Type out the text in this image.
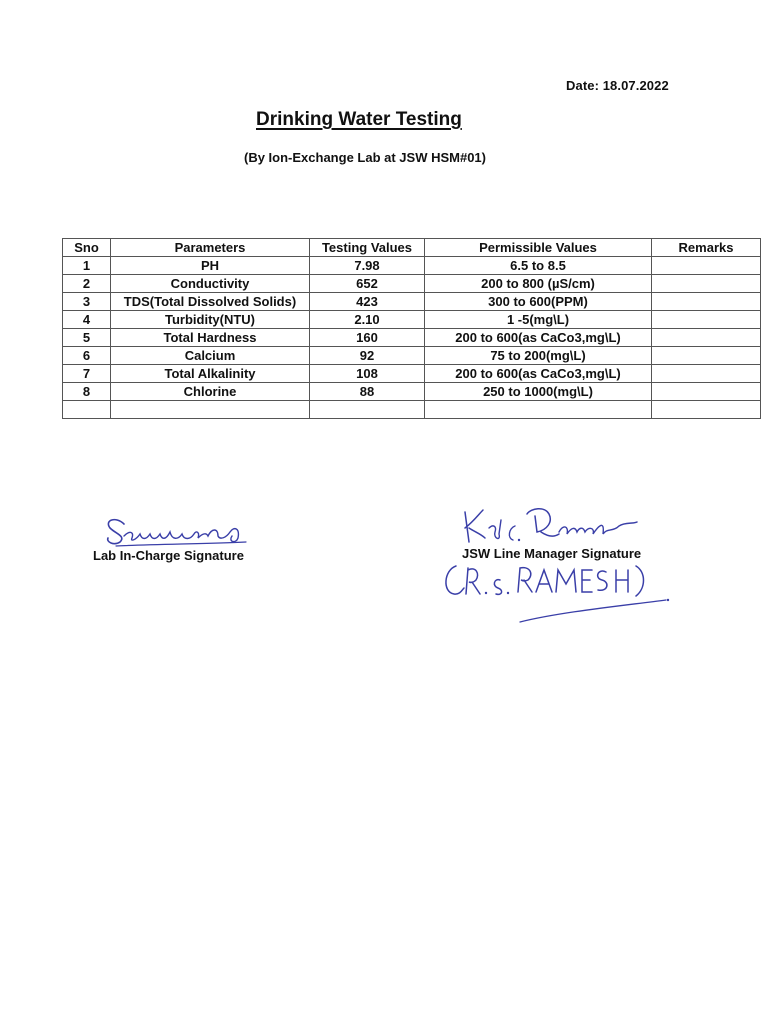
Date: 18.07.2022
Drinking Water Testing
(By Ion-Exchange Lab at JSW HSM#01)
Sno	Parameters	Testing Values	Permissible Values	Remarks
1	PH	7.98	6.5 to 8.5	
2	Conductivity	652	200 to 800 (µS/cm)	
3	TDS(Total Dissolved Solids)	423	300 to 600(PPM)	
4	Turbidity(NTU)	2.10	1 -5(mg\L)	
5	Total Hardness	160	200 to 600(as CaCo3,mg\L)	
6	Calcium	92	75 to 200(mg\L)	
7	Total Alkalinity	108	200 to 600(as CaCo3,mg\L)	
8	Chlorine	88	250 to 1000(mg\L)	

Lab In-Charge Signature	JSW Line Manager Signature
